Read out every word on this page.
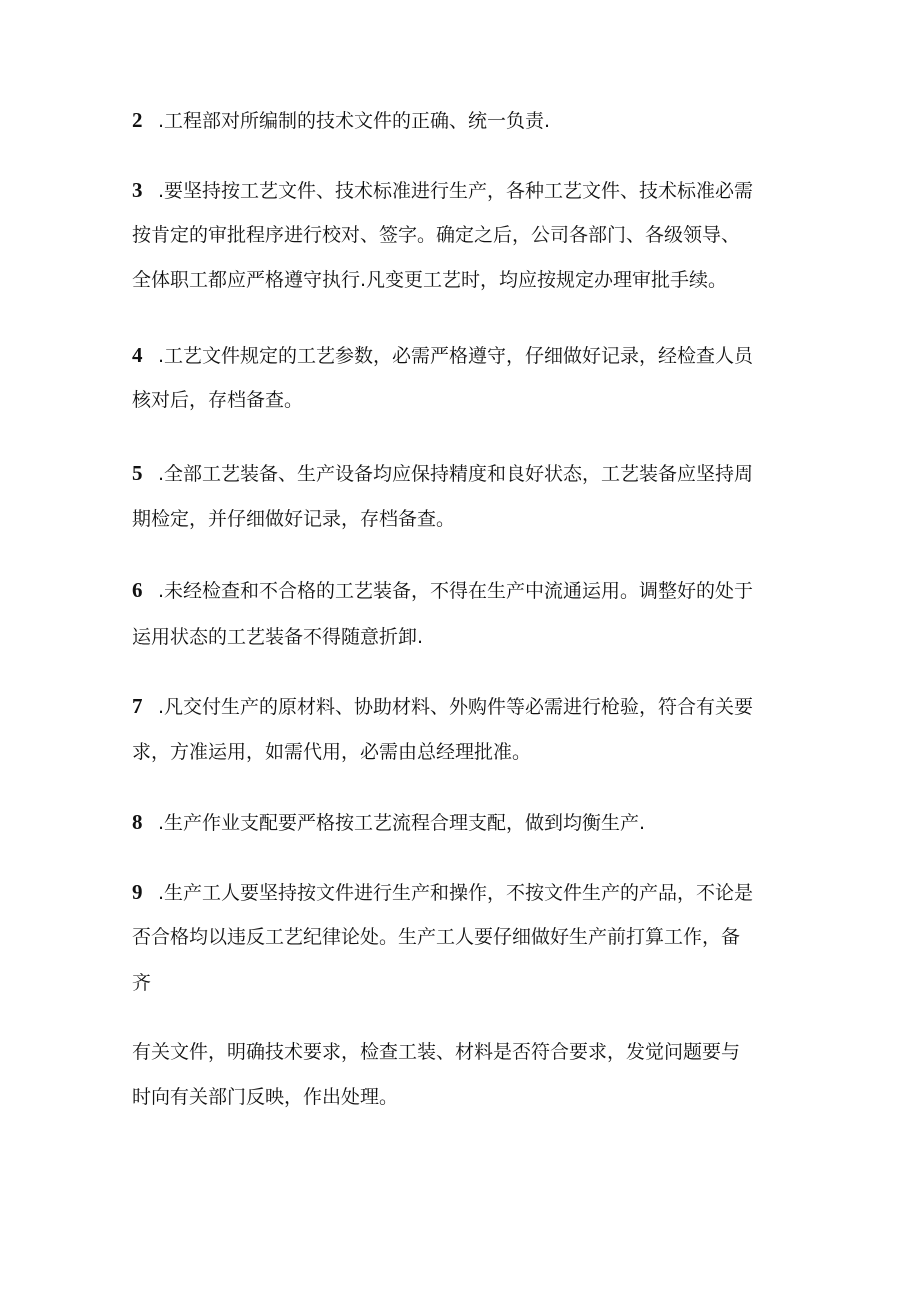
2 .工程部对所编制的技术文件的正确、统一负责.
3 .要坚持按工艺文件、技术标准进行生产，各种工艺文件、技术标准必需
按肯定的审批程序进行校对、签字。确定之后，公司各部门、各级领导、
全体职工都应严格遵守执行.凡变更工艺时，均应按规定办理审批手续。
4 .工艺文件规定的工艺参数，必需严格遵守，仔细做好记录，经检查人员
核对后，存档备查。
5 .全部工艺装备、生产设备均应保持精度和良好状态，工艺装备应坚持周
期检定，并仔细做好记录，存档备查。
6 .未经检查和不合格的工艺装备，不得在生产中流通运用。调整好的处于
运用状态的工艺装备不得随意折卸.
7 .凡交付生产的原材料、协助材料、外购件等必需进行枪验，符合有关要
求，方准运用，如需代用，必需由总经理批准。
8 .生产作业支配要严格按工艺流程合理支配，做到均衡生产.
9 .生产工人要坚持按文件进行生产和操作，不按文件生产的产品，不论是
否合格均以违反工艺纪律论处。生产工人要仔细做好生产前打算工作，备
齐
有关文件，明确技术要求，检查工装、材料是否符合要求，发觉问题要与
时向有关部门反映，作出处理。
